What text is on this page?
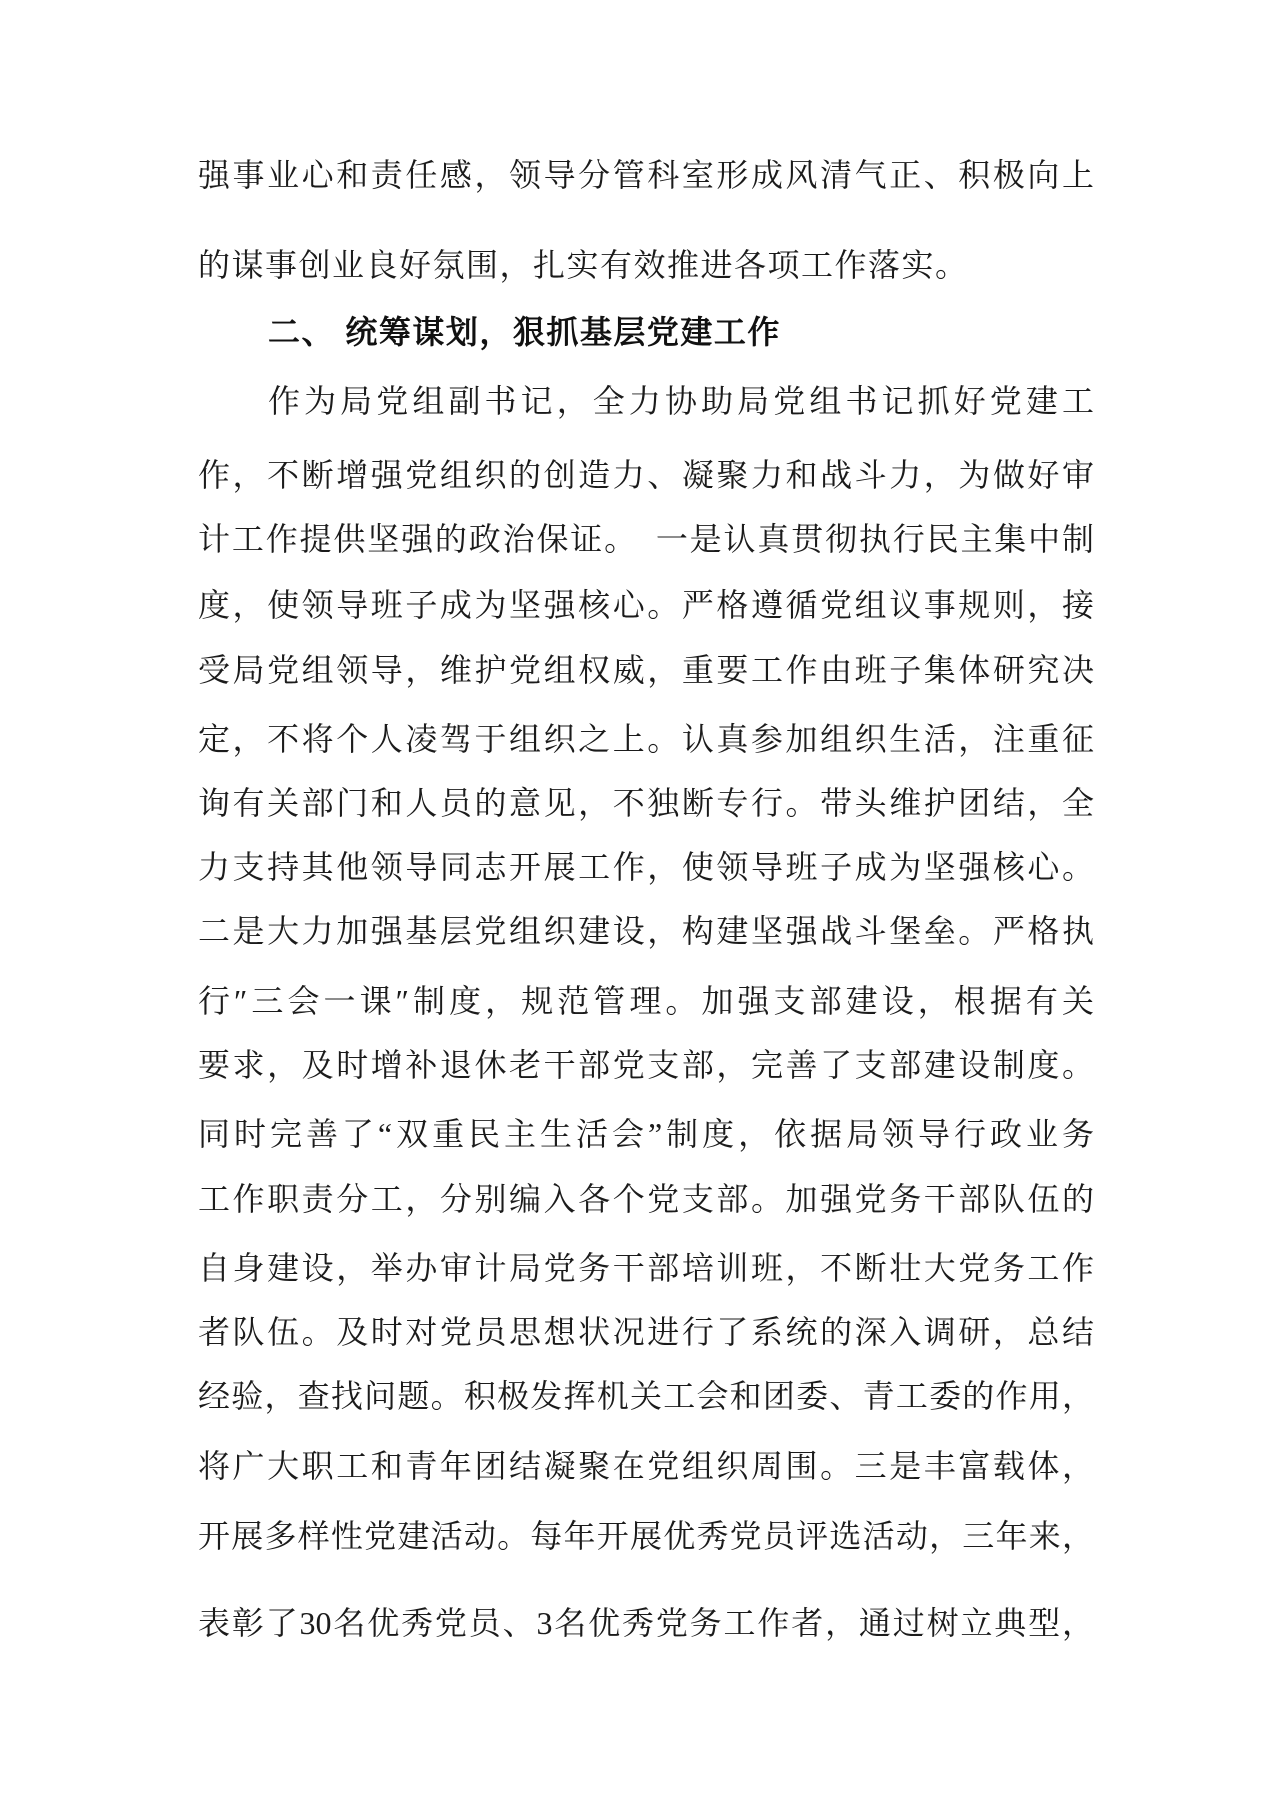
强事业心和责任感，领导分管科室形成风清气正、积极向上
的谋事创业良好氛围，扎实有效推进各项工作落实。
二、 统筹谋划，狠抓基层党建工作
作为局党组副书记，全力协助局党组书记抓好党建工
作，不断增强党组织的创造力、凝聚力和战斗力，为做好审
计工作提供坚强的政治保证。　一是认真贯彻执行民主集中制
度，使领导班子成为坚强核心。严格遵循党组议事规则，接
受局党组领导，维护党组权威，重要工作由班子集体研究决
定，不将个人凌驾于组织之上。认真参加组织生活，注重征
询有关部门和人员的意见，不独断专行。带头维护团结，全
力支持其他领导同志开展工作，使领导班子成为坚强核心。
二是大力加强基层党组织建设，构建坚强战斗堡垒。严格执
行″三会一课″制度，规范管理。加强支部建设，根据有关
要求，及时增补退休老干部党支部，完善了支部建设制度。
同时完善了“双重民主生活会”制度，依据局领导行政业务
工作职责分工，分别编入各个党支部。加强党务干部队伍的
自身建设，举办审计局党务干部培训班，不断壮大党务工作
者队伍。及时对党员思想状况进行了系统的深入调研，总结
经验，查找问题。积极发挥机关工会和团委、青工委的作用，
将广大职工和青年团结凝聚在党组织周围。三是丰富载体，
开展多样性党建活动。每年开展优秀党员评选活动，三年来，
表彰了30名优秀党员、3名优秀党务工作者，通过树立典型，
